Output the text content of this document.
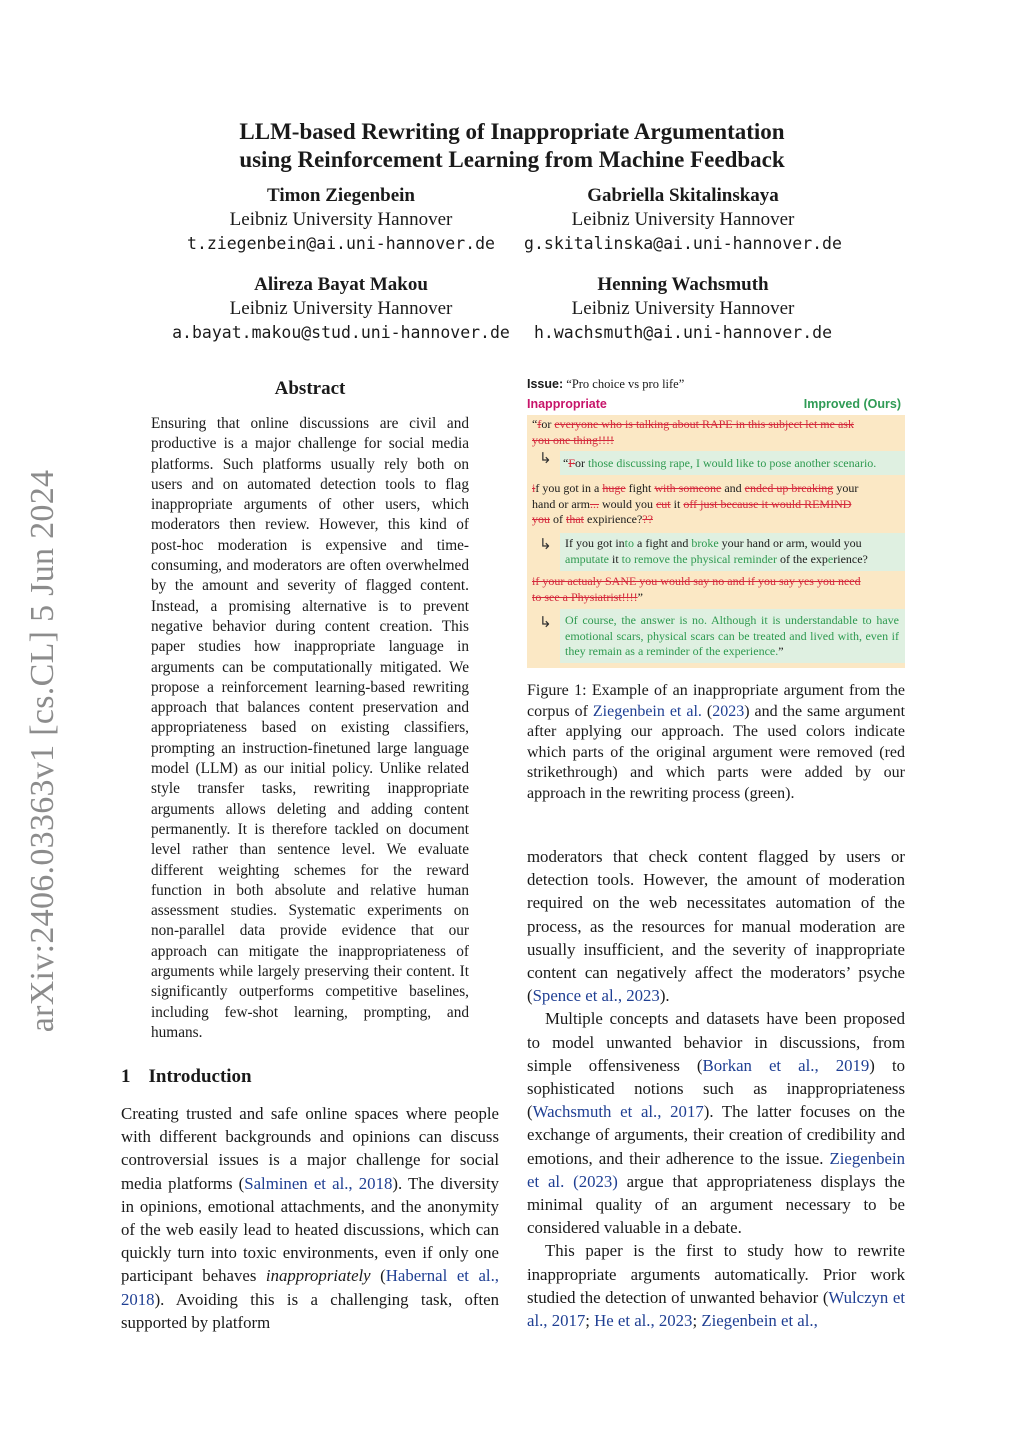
arXiv:2406.03363v1 [cs.CL] 5 Jun 2024
LLM-based Rewriting of Inappropriate Argumentation
using Reinforcement Learning from Machine Feedback
Timon Ziegenbein
Leibniz University Hannover
t.ziegenbein@ai.uni-hannover.de
Gabriella Skitalinskaya
Leibniz University Hannover
g.skitalinska@ai.uni-hannover.de
Alireza Bayat Makou
Leibniz University Hannover
a.bayat.makou@stud.uni-hannover.de
Henning Wachsmuth
Leibniz University Hannover
h.wachsmuth@ai.uni-hannover.de
Abstract
Ensuring that online discussions are civil and productive is a major challenge for social media platforms. Such platforms usually rely both on users and on automated detection tools to flag inappropriate arguments of other users, which moderators then review. However, this kind of post-hoc moderation is expensive and time-consuming, and moderators are often overwhelmed by the amount and severity of flagged content. Instead, a promising alternative is to prevent negative behavior during content creation. This paper studies how inappropriate language in arguments can be computationally mitigated. We propose a reinforcement learning-based rewriting approach that balances content preservation and appropriateness based on existing classifiers, prompting an instruction-finetuned large language model (LLM) as our initial policy. Unlike related style transfer tasks, rewriting inappropriate arguments allows deleting and adding content permanently. It is therefore tackled on document level rather than sentence level. We evaluate different weighting schemes for the reward function in both absolute and relative human assessment studies. Systematic experiments on non-parallel data provide evidence that our approach can mitigate the inappropriateness of arguments while largely preserving their content. It significantly outperforms competitive baselines, including few-shot learning, prompting, and humans.
1 Introduction

Creating trusted and safe online spaces where people with different backgrounds and opinions can discuss controversial issues is a major challenge for social media platforms (Salminen et al., 2018). The diversity in opinions, emotional attachments, and the anonymity of the web easily lead to heated discussions, which can quickly turn into toxic environments, even if only one participant behaves inappropriately (Habernal et al., 2018). Avoiding this is a challenging task, often supported by platform

moderators that check content flagged by users or detection tools. However, the amount of moderation required on the web necessitates automation of the process, as the resources for manual moderation are usually insufficient, and the severity of inappropriate content can negatively affect the moderators’ psyche (Spence et al., 2023).

Multiple concepts and datasets have been proposed to model unwanted behavior in discussions, from simple offensiveness (Borkan et al., 2019) to sophisticated notions such as inappropriateness (Wachsmuth et al., 2017). The latter focuses on the exchange of arguments, their creation of credibility and emotions, and their adherence to the issue. Ziegenbein et al. (2023) argue that appropriateness displays the minimal quality of an argument necessary to be considered valuable in a debate.

This paper is the first to study how to rewrite inappropriate arguments automatically. Prior work studied the detection of unwanted behavior (Wulczyn et al., 2017; He et al., 2023; Ziegenbein et al.,

Issue: “Pro choice vs pro life”
Inappropriate	Improved (Ours)
“for everyone who is talking about RAPE in this subject let me ask you one thing!!!!
↳ “For those discussing rape, I would like to pose another scenario.
if you got in a huge fight with someone and ended up breaking your hand or arm... would you cut it off just because it would REMIND you of that expirience???
↳ If you got into a fight and broke your hand or arm, would you amputate it to remove the physical reminder of the experience?
if your actualy SANE you would say no and if you say yes you need to see a Physiatrist!!!!”
↳ Of course, the answer is no. Although it is understandable to have emotional scars, physical scars can be treated and lived with, even if they remain as a reminder of the experience.”
Figure 1: Example of an inappropriate argument from the corpus of Ziegenbein et al. (2023) and the same argument after applying our approach. The used colors indicate which parts of the original argument were removed (red strikethrough) and which parts were added by our approach in the rewriting process (green).
